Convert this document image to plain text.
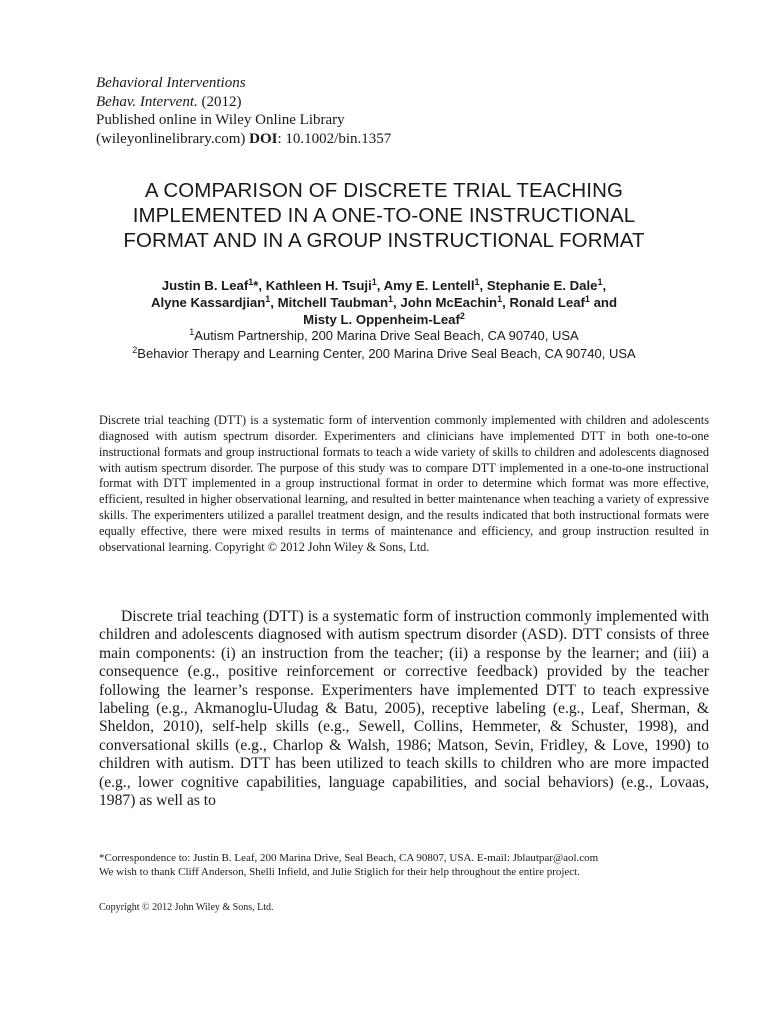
Behavioral Interventions
Behav. Intervent. (2012)
Published online in Wiley Online Library
(wileyonlinelibrary.com) DOI: 10.1002/bin.1357
A COMPARISON OF DISCRETE TRIAL TEACHING
IMPLEMENTED IN A ONE-TO-ONE INSTRUCTIONAL
FORMAT AND IN A GROUP INSTRUCTIONAL FORMAT
Justin B. Leaf$^1$*, Kathleen H. Tsuji$^1$, Amy E. Lentell$^1$, Stephanie E. Dale$^1$,
Alyne Kassardjian$^1$, Mitchell Taubman$^1$, John McEachin$^1$, Ronald Leaf$^1$ and
Misty L. Oppenheim-Leaf$^2$
$^1$Autism Partnership, 200 Marina Drive Seal Beach, CA 90740, USA
$^2$Behavior Therapy and Learning Center, 200 Marina Drive Seal Beach, CA 90740, USA

Discrete trial teaching (DTT) is a systematic form of intervention commonly implemented with children and adolescents diagnosed with autism spectrum disorder. Experimenters and clinicians have implemented DTT in both one-to-one instructional formats and group instructional formats to teach a wide variety of skills to children and adolescents diagnosed with autism spectrum disorder. The purpose of this study was to compare DTT implemented in a one-to-one instructional format with DTT implemented in a group instructional format in order to determine which format was more effective, efficient, resulted in higher observational learning, and resulted in better maintenance when teaching a variety of expressive skills. The experimenters utilized a parallel treatment design, and the results indicated that both instructional formats were equally effective, there were mixed results in terms of maintenance and efficiency, and group instruction resulted in observational learning. Copyright © 2012 John Wiley & Sons, Ltd.

Discrete trial teaching (DTT) is a systematic form of instruction commonly implemented with children and adolescents diagnosed with autism spectrum disorder (ASD). DTT consists of three main components: (i) an instruction from the teacher; (ii) a response by the learner; and (iii) a consequence (e.g., positive reinforcement or corrective feedback) provided by the teacher following the learner’s response. Experimenters have implemented DTT to teach expressive labeling (e.g., Akmanoglu-Uludag & Batu, 2005), receptive labeling (e.g., Leaf, Sherman, & Sheldon, 2010), self-help skills (e.g., Sewell, Collins, Hemmeter, & Schuster, 1998), and conversational skills (e.g., Charlop & Walsh, 1986; Matson, Sevin, Fridley, & Love, 1990) to children with autism. DTT has been utilized to teach skills to children who are more impacted (e.g., lower cognitive capabilities, language capabilities, and social behaviors) (e.g., Lovaas, 1987) as well as to

*Correspondence to: Justin B. Leaf, 200 Marina Drive, Seal Beach, CA 90807, USA. E-mail: Jblautpar@aol.com
We wish to thank Cliff Anderson, Shelli Infield, and Julie Stiglich for their help throughout the entire project.
Copyright © 2012 John Wiley & Sons, Ltd.
